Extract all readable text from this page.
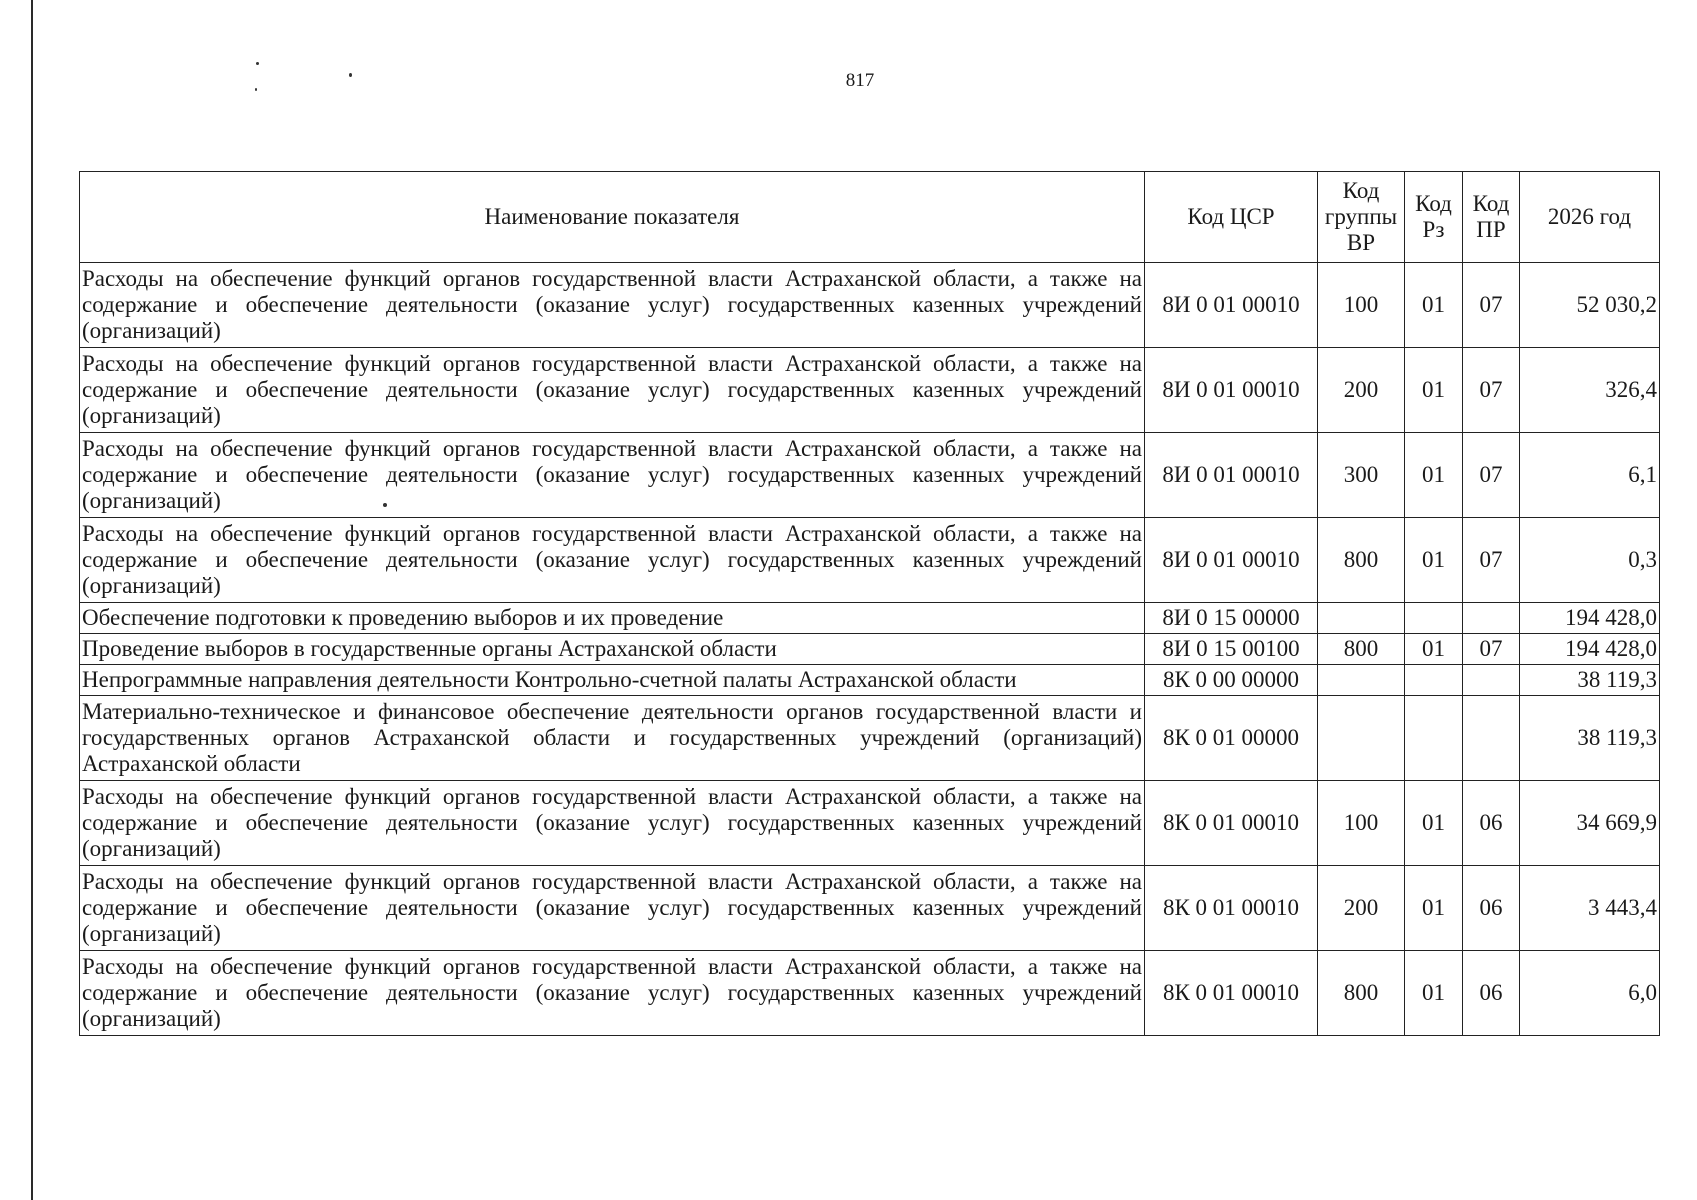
817
Наименование показателя	Код ЦСР	Код группы ВР	Код Рз	Код ПР	2026 год
Расходы на обеспечение функций органов государственной власти Астраханской области, а также на содержание и обеспечение деятельности (оказание услуг) государственных казенных учреждений (организаций)	8И 0 01 00010	100	01	07	52 030,2
Расходы на обеспечение функций органов государственной власти Астраханской области, а также на содержание и обеспечение деятельности (оказание услуг) государственных казенных учреждений (организаций)	8И 0 01 00010	200	01	07	326,4
Расходы на обеспечение функций органов государственной власти Астраханской области, а также на содержание и обеспечение деятельности (оказание услуг) государственных казенных учреждений (организаций)	8И 0 01 00010	300	01	07	6,1
Расходы на обеспечение функций органов государственной власти Астраханской области, а также на содержание и обеспечение деятельности (оказание услуг) государственных казенных учреждений (организаций)	8И 0 01 00010	800	01	07	0,3
Обеспечение подготовки к проведению выборов и их проведение	8И 0 15 00000				194 428,0
Проведение выборов в государственные органы Астраханской области	8И 0 15 00100	800	01	07	194 428,0
Непрограммные направления деятельности Контрольно-счетной палаты Астраханской области	8К 0 00 00000				38 119,3
Материально-техническое и финансовое обеспечение деятельности органов государственной власти и государственных органов Астраханской области и государственных учреждений (организаций) Астраханской области	8К 0 01 00000				38 119,3
Расходы на обеспечение функций органов государственной власти Астраханской области, а также на содержание и обеспечение деятельности (оказание услуг) государственных казенных учреждений (организаций)	8К 0 01 00010	100	01	06	34 669,9
Расходы на обеспечение функций органов государственной власти Астраханской области, а также на содержание и обеспечение деятельности (оказание услуг) государственных казенных учреждений (организаций)	8К 0 01 00010	200	01	06	3 443,4
Расходы на обеспечение функций органов государственной власти Астраханской области, а также на содержание и обеспечение деятельности (оказание услуг) государственных казенных учреждений (организаций)	8К 0 01 00010	800	01	06	6,0
